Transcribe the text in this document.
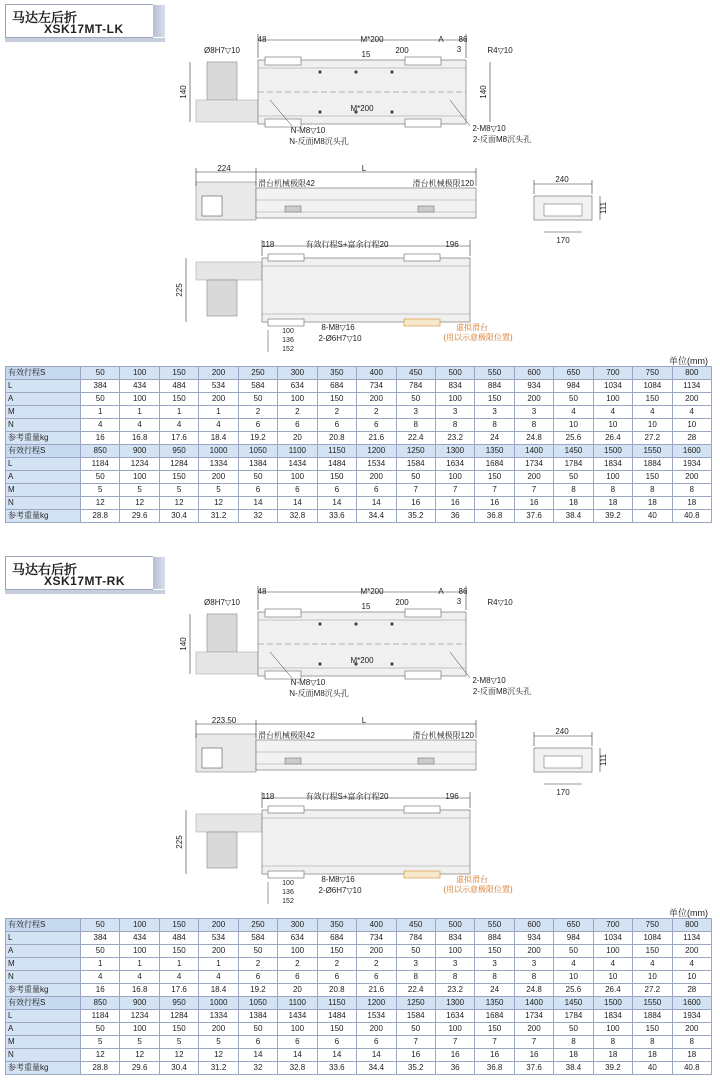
马达左后折
XSK17MT-LK
48	M*200	A 86
15	200	3
Ø8H7▽10	R4▽10
140
M*200
N-M8▽10
N-反面M8沉头孔
2-M8▽10
2-反面M8沉头孔
140
224	L
滑台机械极限42	滑台机械极限120	240
111
170
118	有效行程S+富余行程20	196
225
100
136
152
8-M8▽16
2-Ø6H7▽10
虚拟滑台
(用以示意极限位置)
单位(mm)
有效行程S	50	100	150	200	250	300	350	400	450	500	550	600	650	700	750	800
L	384	434	484	534	584	634	684	734	784	834	884	934	984	1034	1084	1134
A	50	100	150	200	50	100	150	200	50	100	150	200	50	100	150	200
M	1	1	1	1	2	2	2	2	3	3	3	3	4	4	4	4
N	4	4	4	4	6	6	6	6	8	8	8	8	10	10	10	10
参考重量kg	16	16.8	17.6	18.4	19.2	20	20.8	21.6	22.4	23.2	24	24.8	25.6	26.4	27.2	28
有效行程S	850	900	950	1000	1050	1100	1150	1200	1250	1300	1350	1400	1450	1500	1550	1600
L	1184	1234	1284	1334	1384	1434	1484	1534	1584	1634	1684	1734	1784	1834	1884	1934
A	50	100	150	200	50	100	150	200	50	100	150	200	50	100	150	200
M	5	5	5	5	6	6	6	6	7	7	7	7	8	8	8	8
N	12	12	12	12	14	14	14	14	16	16	16	16	18	18	18	18
参考重量kg	28.8	29.6	30.4	31.2	32	32.8	33.6	34.4	35.2	36	36.8	37.6	38.4	39.2	40	40.8
马达右后折
XSK17MT-RK
48	M*200	A 86
15	200	3
Ø8H7▽10	R4▽10
140
M*200
N-M8▽10
N-反面M8沉头孔
2-M8▽10
2-反面M8沉头孔
223.50	L
滑台机械极限42	滑台机械极限120	240
111
170
118	有效行程S+富余行程20	196
225
100
136
152
8-M8▽16
2-Ø6H7▽10
虚拟滑台
(用以示意极限位置)
单位(mm)
有效行程S	50	100	150	200	250	300	350	400	450	500	550	600	650	700	750	800
L	384	434	484	534	584	634	684	734	784	834	884	934	984	1034	1084	1134
A	50	100	150	200	50	100	150	200	50	100	150	200	50	100	150	200
M	1	1	1	1	2	2	2	2	3	3	3	3	4	4	4	4
N	4	4	4	4	6	6	6	6	8	8	8	8	10	10	10	10
参考重量kg	16	16.8	17.6	18.4	19.2	20	20.8	21.6	22.4	23.2	24	24.8	25.6	26.4	27.2	28
有效行程S	850	900	950	1000	1050	1100	1150	1200	1250	1300	1350	1400	1450	1500	1550	1600
L	1184	1234	1284	1334	1384	1434	1484	1534	1584	1634	1684	1734	1784	1834	1884	1934
A	50	100	150	200	50	100	150	200	50	100	150	200	50	100	150	200
M	5	5	5	5	6	6	6	6	7	7	7	7	8	8	8	8
N	12	12	12	12	14	14	14	14	16	16	16	16	18	18	18	18
参考重量kg	28.8	29.6	30.4	31.2	32	32.8	33.6	34.4	35.2	36	36.8	37.6	38.4	39.2	40	40.8
